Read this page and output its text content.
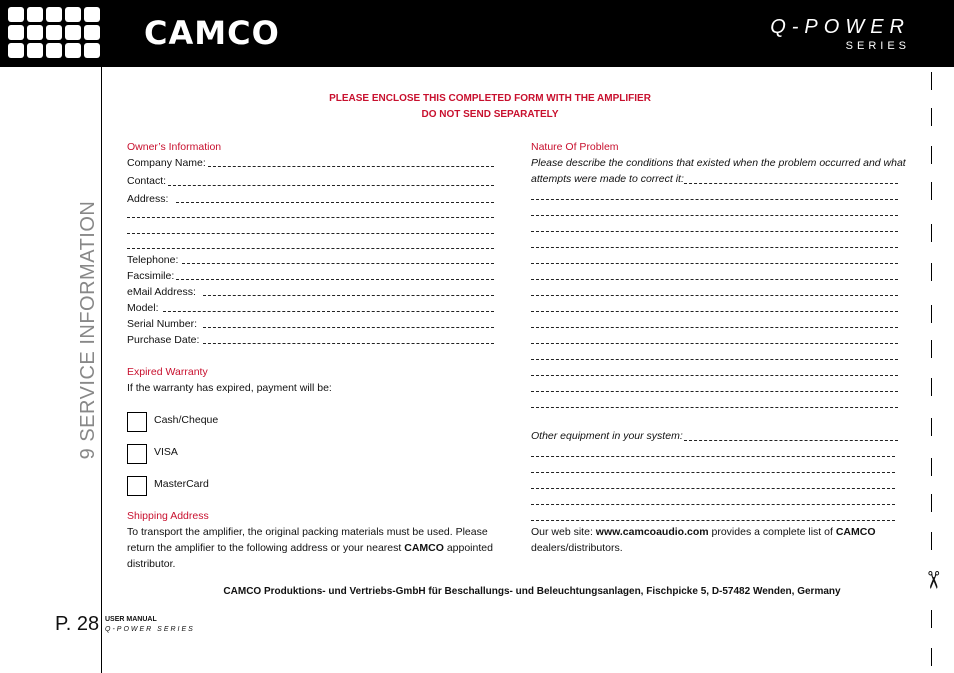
CAMCO	Q-POWER
SERIES
9 SERVICE INFORMATION
P. 28 USER MANUAL
Q-POWER SERIES
PLEASE ENCLOSE THIS COMPLETED FORM WITH THE AMPLIFIER
DO NOT SEND SEPARATELY
Owner’s Information
Company Name:
Contact:
Address:
Telephone:
Facsimile:
eMail Address:
Model:
Serial Number:
Purchase Date:
Expired Warranty
If the warranty has expired, payment will be:
Cash/Cheque
VISA
MasterCard
Shipping Address
To transport the amplifier, the original packing materials must be used. Please
return the amplifier to the following address or your nearest CAMCO appointed
distributor.
Nature Of Problem
Please describe the conditions that existed when the problem occurred and what
attempts were made to correct it:
Other equipment in your system:
Our web site: www.camcoaudio.com provides a complete list of CAMCO
dealers/distributors.
CAMCO Produktions- und Vertriebs-GmbH für Beschallungs- und Beleuchtungsanlagen, Fischpicke 5, D-57482 Wenden, Germany
✂
